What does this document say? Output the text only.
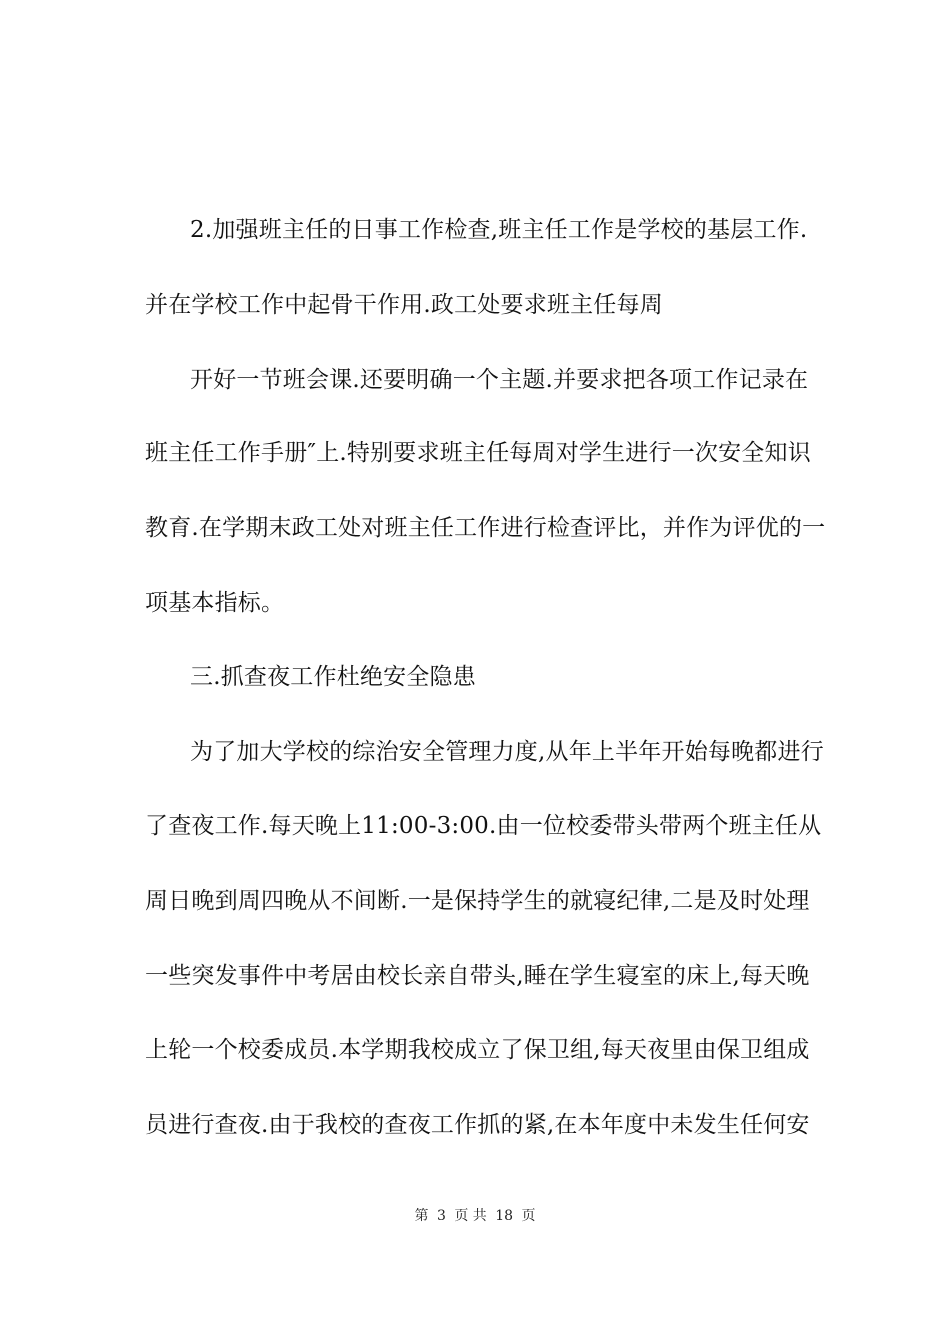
2.加强班主任的日事工作检查,班主任工作是学校的基层工作.
并在学校工作中起骨干作用.政工处要求班主任每周
开好一节班会课.还要明确一个主题.并要求把各项工作记录在
班主任工作手册″上.特别要求班主任每周对学生进行一次安全知识
教育.在学期末政工处对班主任工作进行检查评比，并作为评优的一
项基本指标。
三.抓查夜工作杜绝安全隐患
为了加大学校的综治安全管理力度,从年上半年开始每晚都进行
了查夜工作.每天晚上11:00-3:00.由一位校委带头带两个班主任从
周日晚到周四晚从不间断.一是保持学生的就寝纪律,二是及时处理
一些突发事件中考居由校长亲自带头,睡在学生寝室的床上,每天晚
上轮一个校委成员.本学期我校成立了保卫组,每天夜里由保卫组成
员进行查夜.由于我校的查夜工作抓的紧,在本年度中未发生任何安
第 3 页 共 18 页
